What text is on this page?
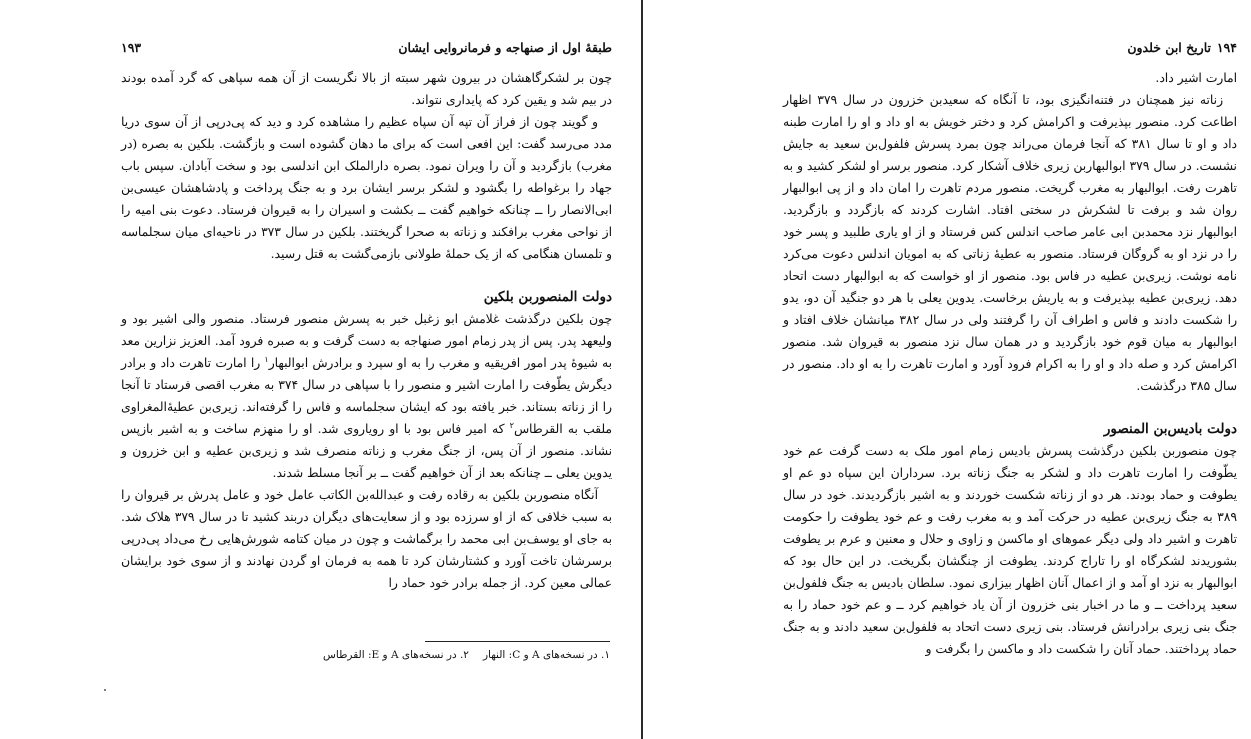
طبقهٔ اول از صنهاجه و فرمانروایی ایشان
۱۹۳

چون بر لشکرگاهشان در بیرون شهر سبته از بالا نگریست از آن همه سپاهی که گرد آمده بودند در بیم شد و یقین کرد که پایداری نتواند.

و گویند چون از فراز آن تپه آن سپاه عظیم را مشاهده کرد و دید که پی‌درپی از آن سوی دریا مدد می‌رسد گفت: این افعی است که برای ما دهان گشوده است و بازگشت. بلکین به بصره (در مغرب) بازگردید و آن را ویران نمود. بصره دارالملک ابن اندلسی بود و سخت آبادان. سپس باب جهاد را برغواطه را بگشود و لشکر برسر ایشان برد و به جنگ پرداخت و پادشاهشان عیسی‌بن ابی‌الانصار را ــ چنانکه خواهیم گفت ــ بکشت و اسیران را به قیروان فرستاد. دعوت بنی امیه را از نواحی مغرب برافکند و زناته به صحرا گریختند. بلکین در سال ۳۷۳ در ناحیه‌ای میان سجلماسه و تلمسان هنگامی که از یک حملهٔ طولانی بازمی‌گشت به قتل رسید.

دولت المنصوربن بلکین

چون بلکین درگذشت غلامش ابو زغبل خبر به پسرش منصور فرستاد. منصور والی اشیر بود و ولیعهد پدر. پس از پدر زمام امور صنهاجه به دست گرفت و به صبره فرود آمد. العزیز نزارین معد به شیوهٔ پدر امور افریقیه و مغرب را به او سپرد و برادرش ابوالبهار$^۱$ را امارت تاهرت داد و برادر دیگرش یطّوفت را امارت اشیر و منصور را با سپاهی در سال ۳۷۴ به مغرب اقصی فرستاد تا آنجا را از زناته بستاند. خبر یافته بود که ایشان سجلماسه و فاس را گرفته‌اند. زیری‌بن عطیهٔ‌المغراوی ملقب به القرطاس$^۲$ که امیر فاس بود با او رویاروی شد. او را منهزم ساخت و به اشیر بازپس نشاند. منصور از آن پس، از جنگ مغرب و زناته منصرف شد و زیری‌بن عطیه و ابن خزرون و یدوین یعلی ــ چنانکه بعد از آن خواهیم گفت ــ بر آنجا مسلط شدند.

آنگاه منصوربن بلکین به رقاده رفت و عبدالله‌بن الکاتب عامل خود و عامل پدرش بر قیروان را به سبب خلافی که از او سرزده بود و از سعایت‌های دیگران دربند کشید تا در سال ۳۷۹ هلاک شد. به جای او یوسف‌بن ابی محمد را برگماشت و چون در میان کتامه شورش‌هایی رخ می‌داد پی‌درپی برسرشان تاخت آورد و کشتارشان کرد تا همه به فرمان او گردن نهادند و از سوی خود برایشان عمالی معین کرد. از جمله برادر خود حماد را

۱. در نسخه‌های A و C: النهار۲. در نسخه‌های A و E: القرطاس
۱۹۴
تاریخ ابن خلدون

امارت اشیر داد.

زناته نیز همچنان در فتنه‌انگیزی بود، تا آنگاه که سعیدبن خزرون در سال ۳۷۹ اظهار اطاعت کرد. منصور بپذیرفت و اکرامش کرد و دختر خویش به او داد و او را امارت طبنه داد و او تا سال ۳۸۱ که آنجا فرمان می‌راند چون بمرد پسرش فلفول‌بن سعید به جایش نشست. در سال ۳۷۹ ابوالبهاربن زیری خلاف آشکار کرد. منصور برسر او لشکر کشید و به تاهرت رفت. ابوالبهار به مغرب گریخت. منصور مردم تاهرت را امان داد و از پی ابوالبهار روان شد و برفت تا لشکرش در سختی افتاد. اشارت کردند که بازگردد و بازگردید. ابوالبهار نزد محمدبن ابی عامر صاحب اندلس کس فرستاد و از او یاری طلبید و پسر خود را در نزد او به گروگان فرستاد. منصور به عطیهٔ زناتی که به امویان اندلس دعوت می‌کرد نامه نوشت. زیری‌بن عطیه در فاس بود. منصور از او خواست که به ابوالبهار دست اتحاد دهد. زیری‌بن عطیه بپذیرفت و به یاریش برخاست. یدوین یعلی با هر دو جنگید آن دو، یدو را شکست دادند و فاس و اطراف آن را گرفتند ولی در سال ۳۸۲ میانشان خلاف افتاد و ابوالبهار به میان قوم خود بازگردید و در همان سال نزد منصور به قیروان شد. منصور اکرامش کرد و صله داد و او را به اکرام فرود آورد و امارت تاهرت را به او داد. منصور در سال ۳۸۵ درگذشت.

دولت بادیس‌بن المنصور

چون منصوربن بلکین درگذشت پسرش بادیس زمام امور ملک به دست گرفت عم خود یطّوفت را امارت تاهرت داد و لشکر به جنگ زناته برد. سرداران این سپاه دو عم او یطوفت و حماد بودند. هر دو از زناته شکست خوردند و به اشیر بازگردیدند. خود در سال ۳۸۹ به جنگ زیری‌بن عطیه در حرکت آمد و به مغرب رفت و عم خود یطوفت را حکومت تاهرت و اشیر داد ولی دیگر عموهای او ماکسن و زاوی و حلال و معنین و عرم بر یطوفت بشوریدند لشکرگاه او را تاراج کردند. یطوفت از چنگشان بگریخت. در این حال بود که ابوالبهار به نزد او آمد و از اعمال آنان اظهار بیزاری نمود. سلطان بادیس به جنگ فلفول‌بن سعید پرداخت ــ و ما در اخبار بنی خزرون از آن یاد خواهیم کرد ــ و عم خود حماد را به جنگ بنی زیری برادرانش فرستاد. بنی زیری دست اتحاد به فلفول‌بن سعید دادند و به جنگ حماد پرداختند. حماد آنان را شکست داد و ماکسن را بگرفت و
